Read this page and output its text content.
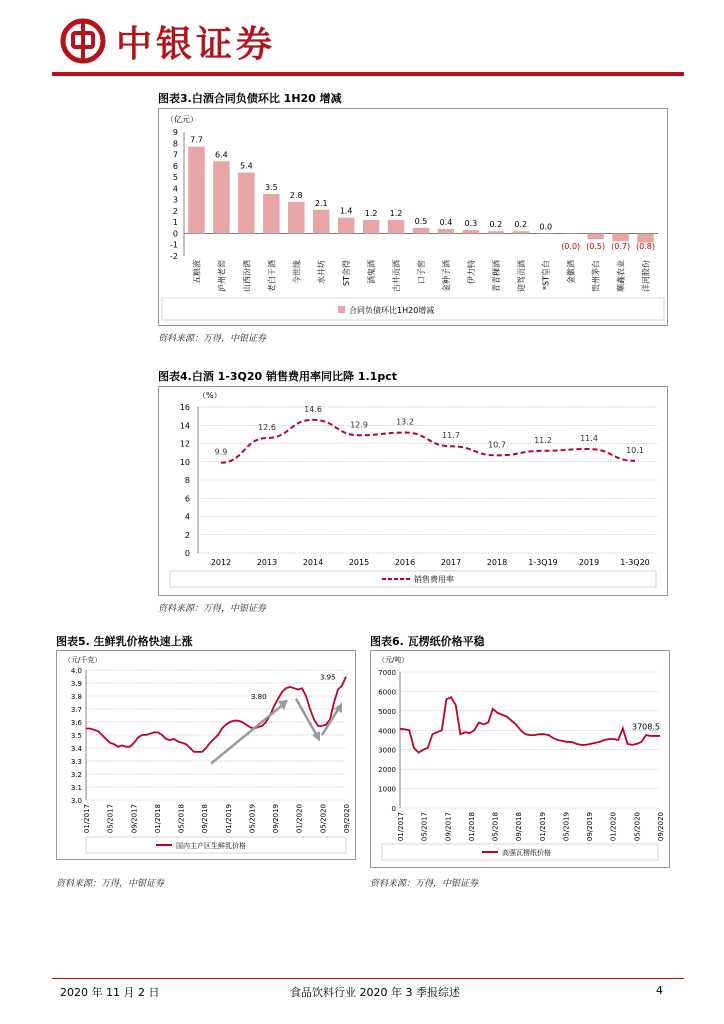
中银证券
图表3.白酒合同负债环比 1H20 增减
（亿元）
-2
-1
0
1
2
3
4
5
6
7
8
9
7.7
五粮液
6.4
泸州老窖
5.4
山西汾酒
3.5
老白干酒
2.8
今世缘
2.1
水井坊
1.4
ST舍得
1.2
酒鬼酒
1.2
古井贡酒
0.5
口子窖
0.4
金种子酒
0.3
伊力特
0.2
青青稞酒
0.2
迎驾贡酒
0.0
*ST皇台
(0.0)
金徽酒
(0.5)
贵州茅台
(0.7)
顺鑫农业
(0.8)
洋河股份
合同负债环比1H20增减
资料来源：万得，中银证券
图表4.白酒 1-3Q20 销售费用率同比降 1.1pct
（%）
0
2
4
6
8
10
12
14
16
9.9
2012
12.6
2013
14.6
2014
12.9
2015
13.2
2016
11.7
2017
10.7
2018
11.2
1-3Q19
11.4
2019
10.1
1-3Q20
销售费用率
资料来源：万得，中银证券
图表5. 生鲜乳价格快速上涨
（元/千克）
3.0
3.1
3.2
3.3
3.4
3.5
3.6
3.7
3.8
3.9
4.0
01/2017 05/2017 09/2017 01/2018 05/2018 09/2018 01/2019 05/2019 09/2019 01/2020 05/2020 09/2020
3.80
3.95
国内主产区生鲜乳价格
资料来源：万得，中银证券
图表6. 瓦楞纸价格平稳
（元/吨）
0
1000
2000
3000
4000
5000
6000
7000
01/2017 05/2017 09/2017 01/2018 05/2018 09/2018 01/2019 05/2019 09/2019 01/2020 05/2020 09/2020
3708.5
高强瓦楞纸价格
资料来源：万得，中银证券
2020 年 11 月 2 日	食品饮料行业 2020 年 3 季报综述	4
